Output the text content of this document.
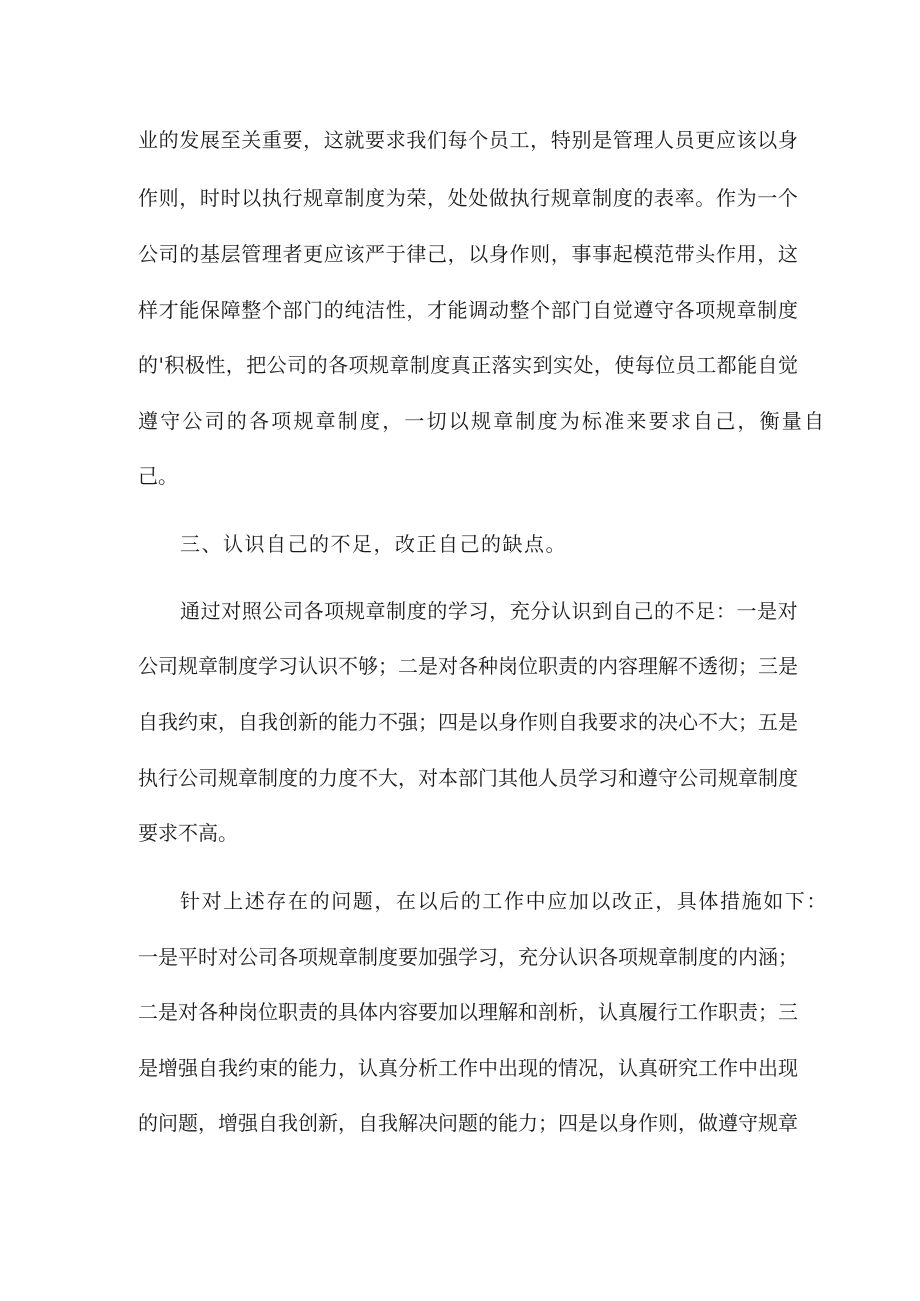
业 的 发 展 至 关 重 要 ， 这 就 要 求 我 们 每 个 员 工 ， 特 别 是 管 理 人 员 更 应 该 以 身
作 则 ， 时 时 以 执 行 规 章 制 度 为 荣 ， 处 处 做 执 行 规 章 制 度 的 表 率 。 作 为 一 个
公 司 的 基 层 管 理 者 更 应 该 严 于 律 己 ， 以 身 作 则 ， 事 事 起 模 范 带 头 作 用 ， 这
样 才 能 保 障 整 个 部 门 的 纯 洁 性 ， 才 能 调 动 整 个 部 门 自 觉 遵 守 各 项 规 章 制 度
的 ' 积 极 性 ， 把 公 司 的 各 项 规 章 制 度 真 正 落 实 到 实 处 ， 使 每 位 员 工 都 能 自 觉
遵守公司的各项规章制度，一切以规章制度为标准来要求自己，衡量自
己。
三、认识自己的不足，改正自己的缺点。
通 过 对 照 公 司 各 项 规 章 制 度 的 学 习 ， 充 分 认 识 到 自 己 的 不 足 ： 一 是 对
公 司 规 章 制 度 学 习 认 识 不 够 ； 二 是 对 各 种 岗 位 职 责 的 内 容 理 解 不 透 彻 ； 三 是
自 我 约 束 ， 自 我 创 新 的 能 力 不 强 ； 四 是 以 身 作 则 自 我 要 求 的 决 心 不 大 ； 五 是
执 行 公 司 规 章 制 度 的 力 度 不 大 ， 对 本 部 门 其 他 人 员 学 习 和 遵 守 公 司 规 章 制 度
要求不高。
针对上述存在的问题，在以后的工作中应加以改正，具体措施如下：
一 是 平 时 对 公 司 各 项 规 章 制 度 要 加 强 学 习 ， 充 分 认 识 各 项 规 章 制 度 的 内 涵 ；
二 是 对 各 种 岗 位 职 责 的 具 体 内 容 要 加 以 理 解 和 剖 析 ， 认 真 履 行 工 作 职 责 ； 三
是 增 强 自 我 约 束 的 能 力 ， 认 真 分 析 工 作 中 出 现 的 情 况 ， 认 真 研 究 工 作 中 出 现
的 问 题 ， 增 强 自 我 创 新 ， 自 我 解 决 问 题 的 能 力 ； 四 是 以 身 作 则 ， 做 遵 守 规 章
